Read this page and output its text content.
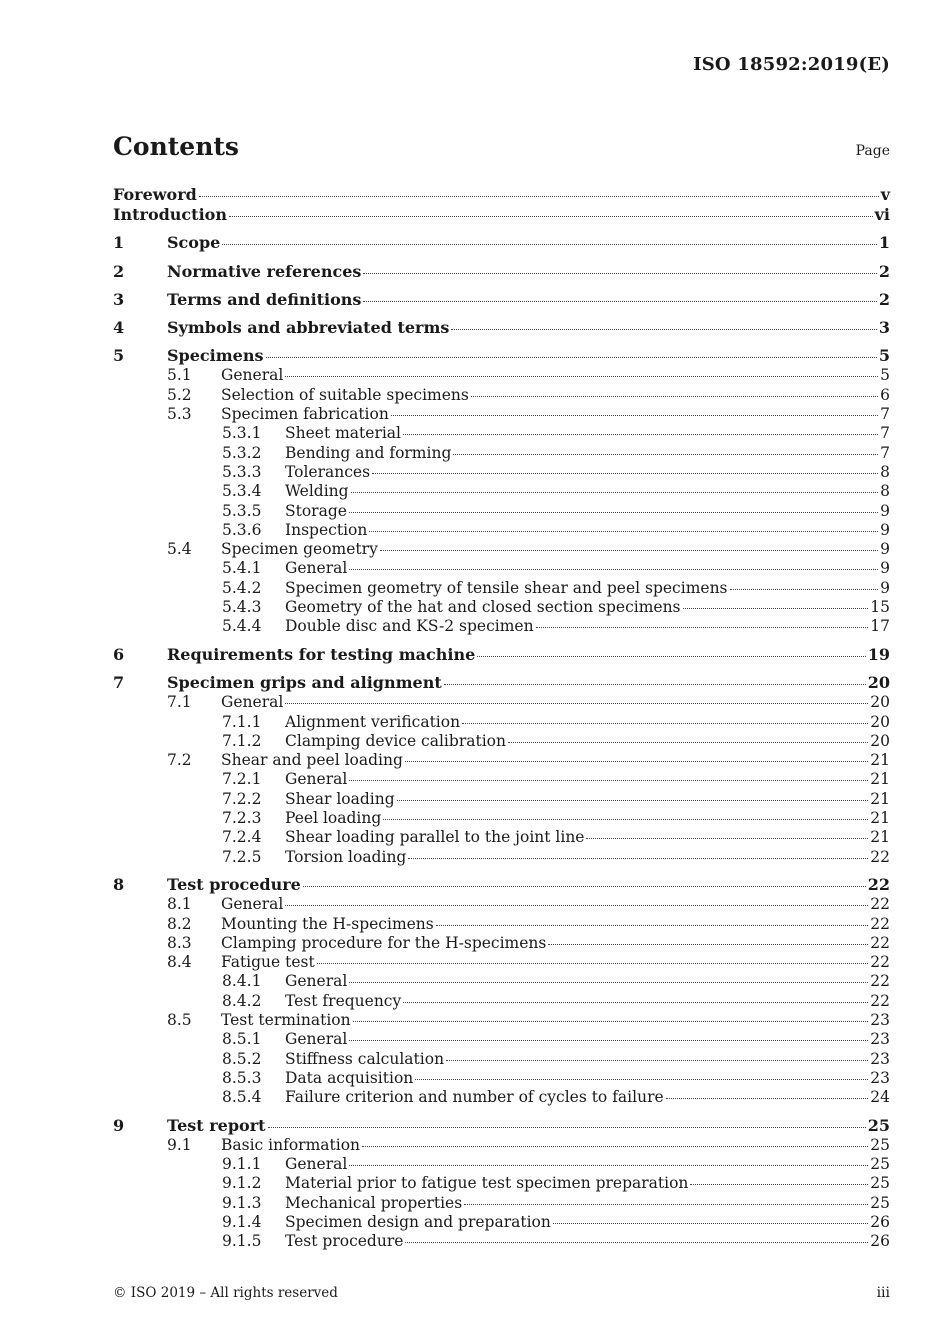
ISO 18592:2019(E)
Contents	Page
Foreword	v
Introduction	vi
1	Scope	1
2	Normative references	2
3	Terms and definitions	2
4	Symbols and abbreviated terms	3
5	Specimens	5
5.1	General	5
5.2	Selection of suitable specimens	6
5.3	Specimen fabrication	7
5.3.1	Sheet material	7
5.3.2	Bending and forming	7
5.3.3	Tolerances	8
5.3.4	Welding	8
5.3.5	Storage	9
5.3.6	Inspection	9
5.4	Specimen geometry	9
5.4.1	General	9
5.4.2	Specimen geometry of tensile shear and peel specimens	9
5.4.3	Geometry of the hat and closed section specimens	15
5.4.4	Double disc and KS-2 specimen	17
6	Requirements for testing machine	19
7	Specimen grips and alignment	20
7.1	General	20
7.1.1	Alignment verification	20
7.1.2	Clamping device calibration	20
7.2	Shear and peel loading	21
7.2.1	General	21
7.2.2	Shear loading	21
7.2.3	Peel loading	21
7.2.4	Shear loading parallel to the joint line	21
7.2.5	Torsion loading	22
8	Test procedure	22
8.1	General	22
8.2	Mounting the H-specimens	22
8.3	Clamping procedure for the H-specimens	22
8.4	Fatigue test	22
8.4.1	General	22
8.4.2	Test frequency	22
8.5	Test termination	23
8.5.1	General	23
8.5.2	Stiffness calculation	23
8.5.3	Data acquisition	23
8.5.4	Failure criterion and number of cycles to failure	24
9	Test report	25
9.1	Basic information	25
9.1.1	General	25
9.1.2	Material prior to fatigue test specimen preparation	25
9.1.3	Mechanical properties	25
9.1.4	Specimen design and preparation	26
9.1.5	Test procedure	26
© ISO 2019 – All rights reserved	iii
